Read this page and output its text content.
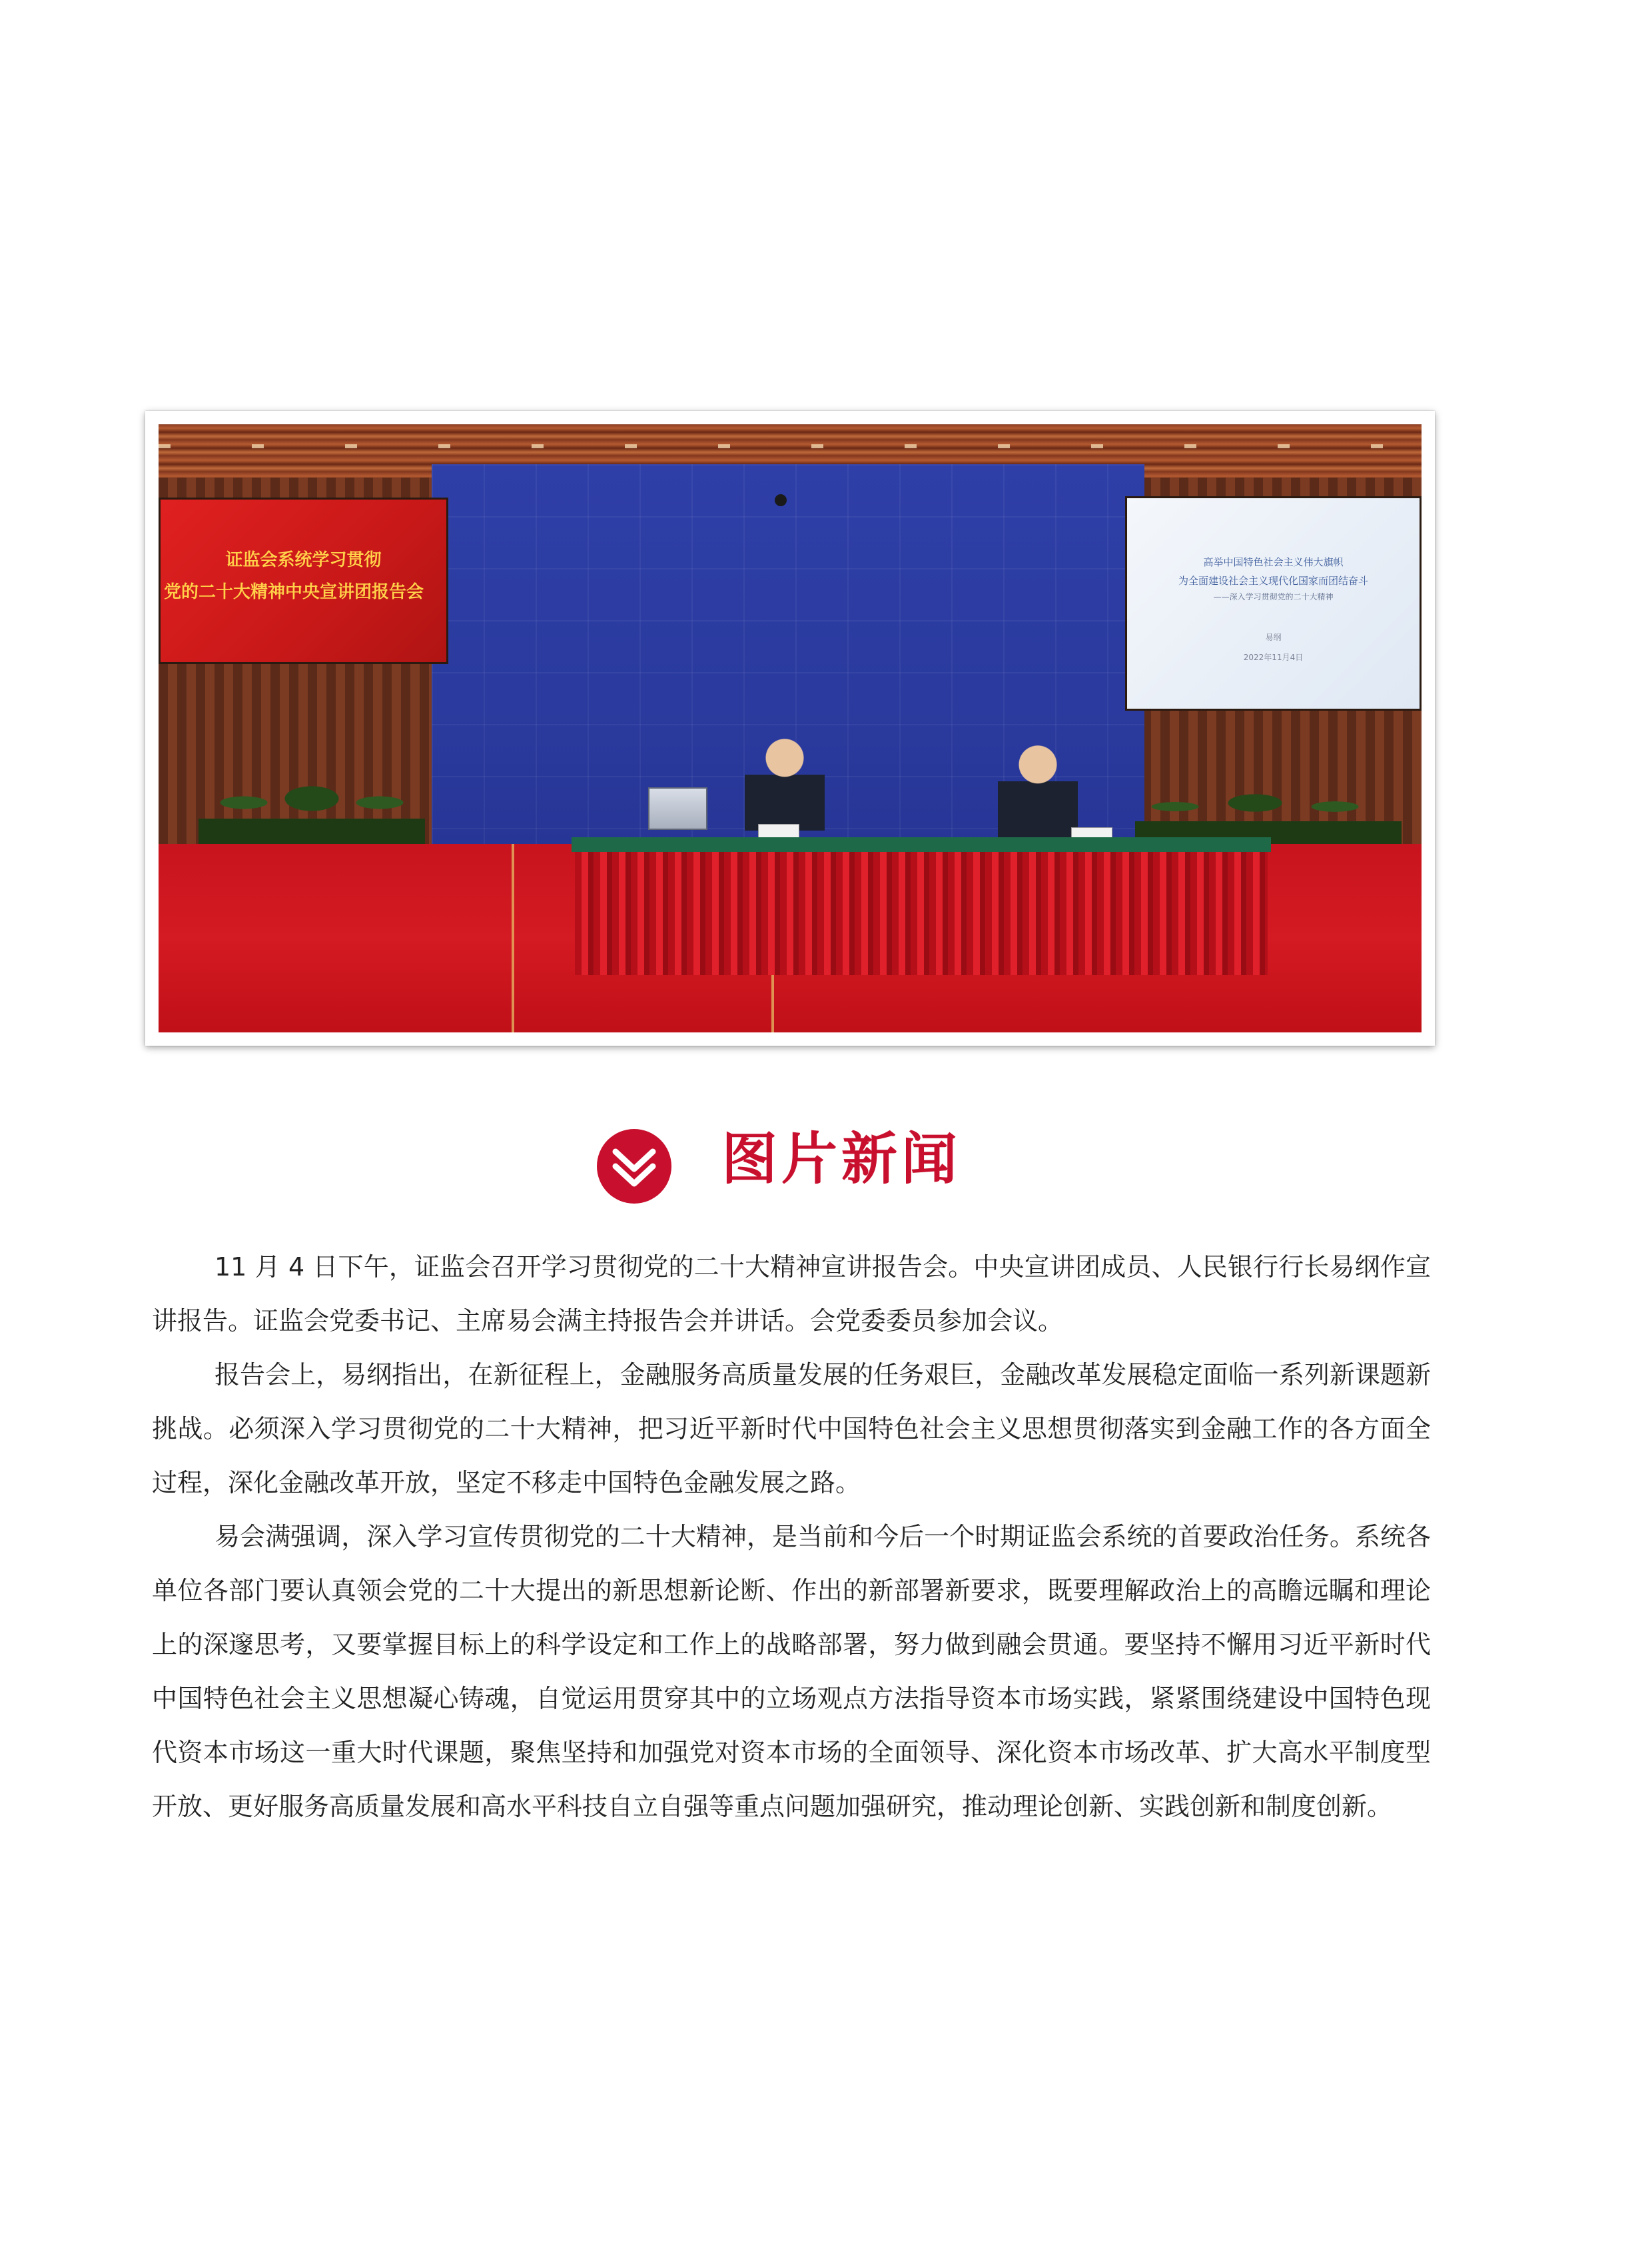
证监会系统学习贯彻
党的二十大精神中央宣讲团报告会
高举中国特色社会主义伟大旗帜
为全面建设社会主义现代化国家而团结奋斗
——深入学习贯彻党的二十大精神
易纲
2022年11月4日
图片新闻

11 月 4 日下午，证监会召开学习贯彻党的二十大精神宣讲报告会。中央宣讲团成员、人民银行行长易纲作宣讲报告。证监会党委书记、主席易会满主持报告会并讲话。会党委委员参加会议。

报告会上，易纲指出，在新征程上，金融服务高质量发展的任务艰巨，金融改革发展稳定面临一系列新课题新挑战。必须深入学习贯彻党的二十大精神，把习近平新时代中国特色社会主义思想贯彻落实到金融工作的各方面全过程，深化金融改革开放，坚定不移走中国特色金融发展之路。

易会满强调，深入学习宣传贯彻党的二十大精神，是当前和今后一个时期证监会系统的首要政治任务。系统各单位各部门要认真领会党的二十大提出的新思想新论断、作出的新部署新要求，既要理解政治上的高瞻远瞩和理论上的深邃思考，又要掌握目标上的科学设定和工作上的战略部署，努力做到融会贯通。要坚持不懈用习近平新时代中国特色社会主义思想凝心铸魂，自觉运用贯穿其中的立场观点方法指导资本市场实践，紧紧围绕建设中国特色现代资本市场这一重大时代课题，聚焦坚持和加强党对资本市场的全面领导、深化资本市场改革、扩大高水平制度型开放、更好服务高质量发展和高水平科技自立自强等重点问题加强研究，推动理论创新、实践创新和制度创新。
